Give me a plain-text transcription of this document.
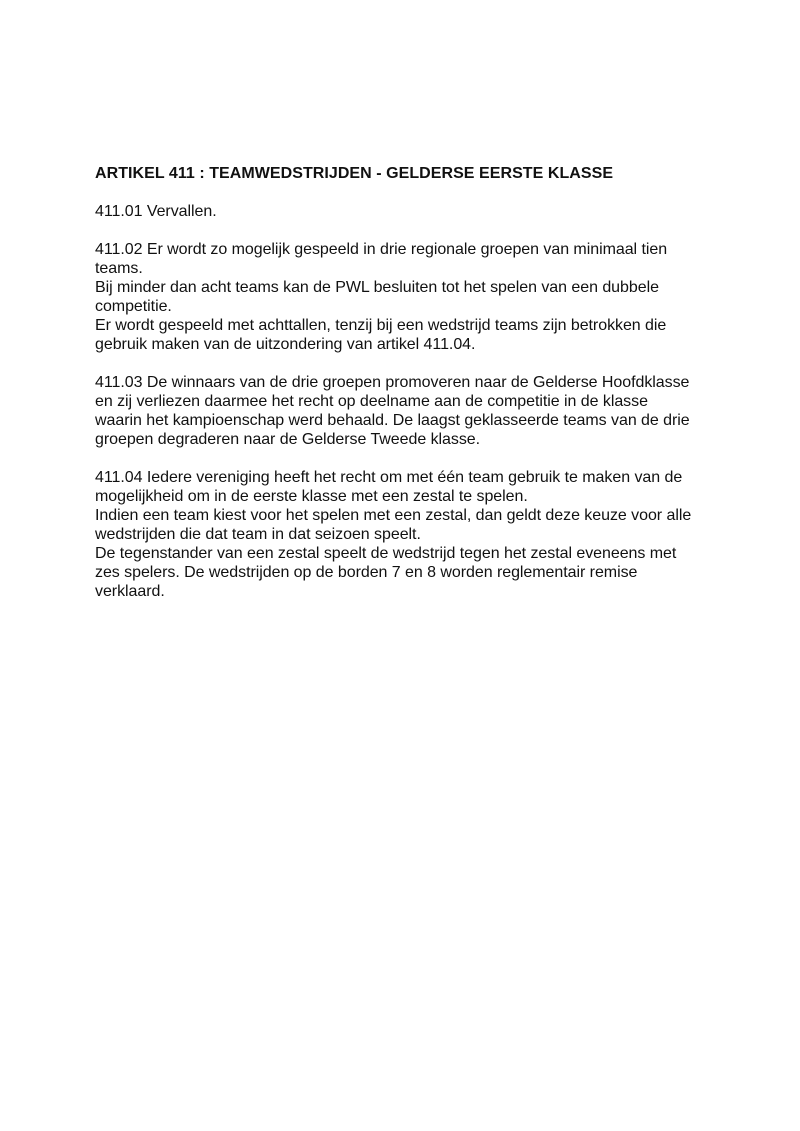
ARTIKEL 411 : TEAMWEDSTRIJDEN - GELDERSE EERSTE KLASSE
411.01 Vervallen.
411.02 Er wordt zo mogelijk gespeeld in drie regionale groepen van minimaal tien
teams.
Bij minder dan acht teams kan de PWL besluiten tot het spelen van een dubbele
competitie.
Er wordt gespeeld met achttallen, tenzij bij een wedstrijd teams zijn betrokken die
gebruik maken van de uitzondering van artikel 411.04.
411.03 De winnaars van de drie groepen promoveren naar de Gelderse Hoofdklasse
en zij verliezen daarmee het recht op deelname aan de competitie in de klasse
waarin het kampioenschap werd behaald. De laagst geklasseerde teams van de drie
groepen degraderen naar de Gelderse Tweede klasse.
411.04 Iedere vereniging heeft het recht om met één team gebruik te maken van de
mogelijkheid om in de eerste klasse met een zestal te spelen.
Indien een team kiest voor het spelen met een zestal, dan geldt deze keuze voor alle
wedstrijden die dat team in dat seizoen speelt.
De tegenstander van een zestal speelt de wedstrijd tegen het zestal eveneens met
zes spelers. De wedstrijden op de borden 7 en 8 worden reglementair remise
verklaard.
